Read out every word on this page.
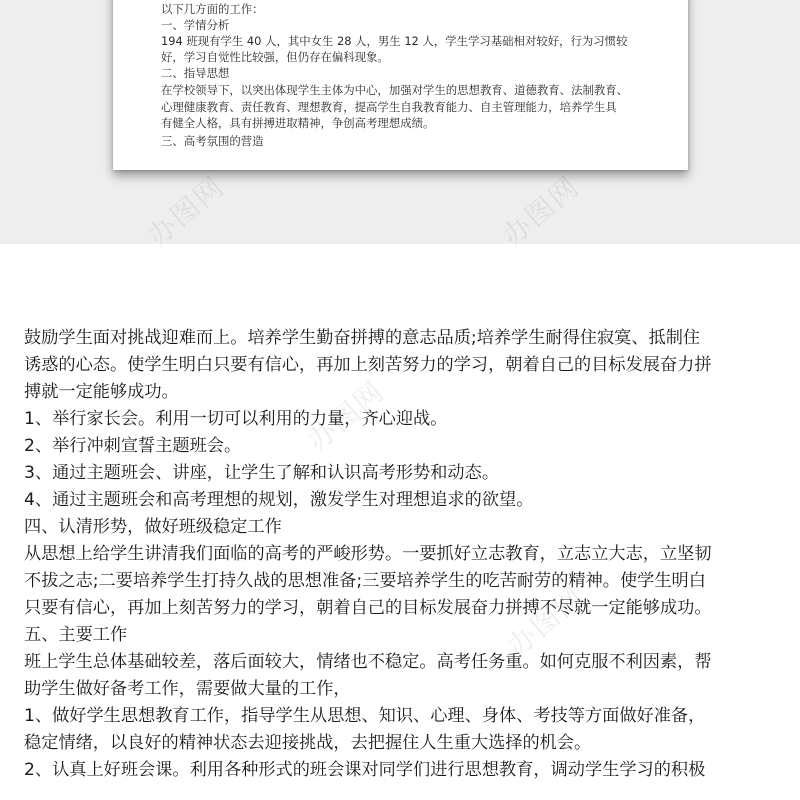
以下几方面的工作：
一、学情分析
194 班现有学生 40 人，其中女生 28 人，男生 12 人，学生学习基础相对较好，行为习惯较
好，学习自觉性比较强，但仍存在偏科现象。
二、指导思想
在学校领导下，以突出体现学生主体为中心，加强对学生的思想教育、道德教育、法制教育、
心理健康教育、责任教育、理想教育，提高学生自我教育能力、自主管理能力，培养学生具
有健全人格，具有拼搏进取精神，争创高考理想成绩。
三、高考氛围的营造
办图网	办图网
办图网
办图网
鼓励学生面对挑战迎难而上。培养学生勤奋拼搏的意志品质;培养学生耐得住寂寞、抵制住
诱惑的心态。使学生明白只要有信心，再加上刻苦努力的学习，朝着自己的目标发展奋力拼
搏就一定能够成功。
1、举行家长会。利用一切可以利用的力量，齐心迎战。
2、举行冲刺宣誓主题班会。
3、通过主题班会、讲座，让学生了解和认识高考形势和动态。
4、通过主题班会和高考理想的规划，激发学生对理想追求的欲望。
四、认清形势，做好班级稳定工作
从思想上给学生讲清我们面临的高考的严峻形势。一要抓好立志教育，立志立大志，立坚韧
不拔之志;二要培养学生打持久战的思想准备;三要培养学生的吃苦耐劳的精神。使学生明白
只要有信心，再加上刻苦努力的学习，朝着自己的目标发展奋力拼搏不尽就一定能够成功。
五、主要工作
班上学生总体基础较差，落后面较大，情绪也不稳定。高考任务重。如何克服不利因素，帮
助学生做好备考工作，需要做大量的工作，
1、做好学生思想教育工作，指导学生从思想、知识、心理、身体、考技等方面做好准备，
稳定情绪，以良好的精神状态去迎接挑战，去把握住人生重大选择的机会。
2、认真上好班会课。利用各种形式的班会课对同学们进行思想教育，调动学生学习的积极
